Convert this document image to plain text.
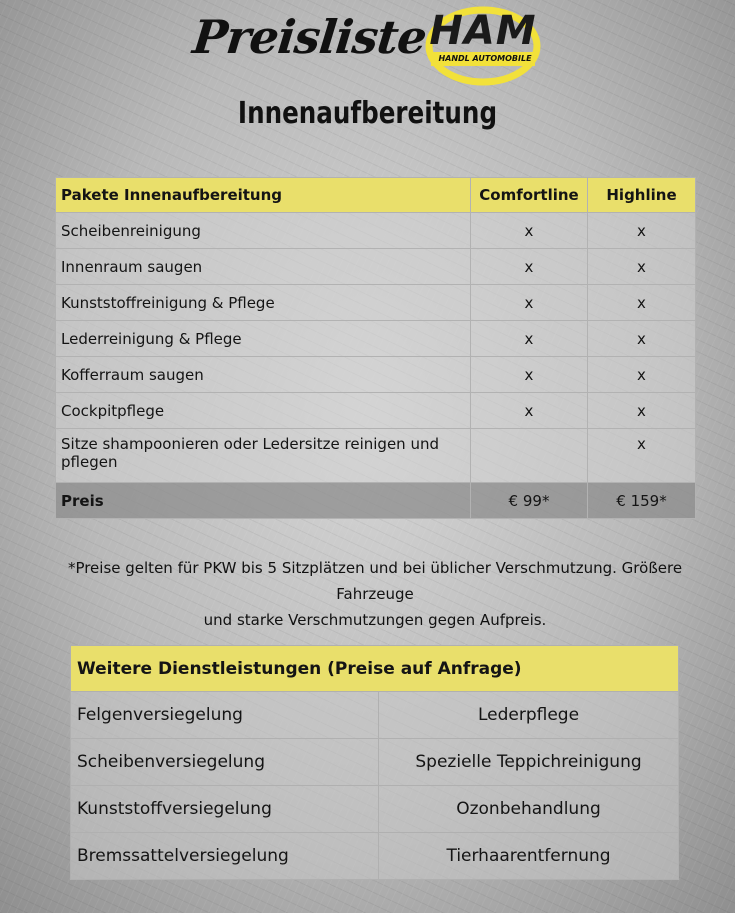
Preisliste HAM
HANDL AUTOMOBILE
Innenaufbereitung
Pakete Innenaufbereitung	Comfortline	Highline
Scheibenreinigung	x	x
Innenraum saugen	x	x
Kunststoffreinigung & Pflege	x	x
Lederreinigung & Pflege	x	x
Kofferraum saugen	x	x
Cockpitpflege	x	x
Sitze shampoonieren oder Ledersitze reinigen und pflegen		x
Preis	€ 99*	€ 159*
*Preise gelten für PKW bis 5 Sitzplätzen und bei üblicher Verschmutzung. Größere Fahrzeuge
und starke Verschmutzungen gegen Aufpreis.
Weitere Dienstleistungen (Preise auf Anfrage)	
Felgenversiegelung	Lederpflege
Scheibenversiegelung	Spezielle Teppichreinigung
Kunststoffversiegelung	Ozonbehandlung
Bremssattelversiegelung	Tierhaarentfernung
